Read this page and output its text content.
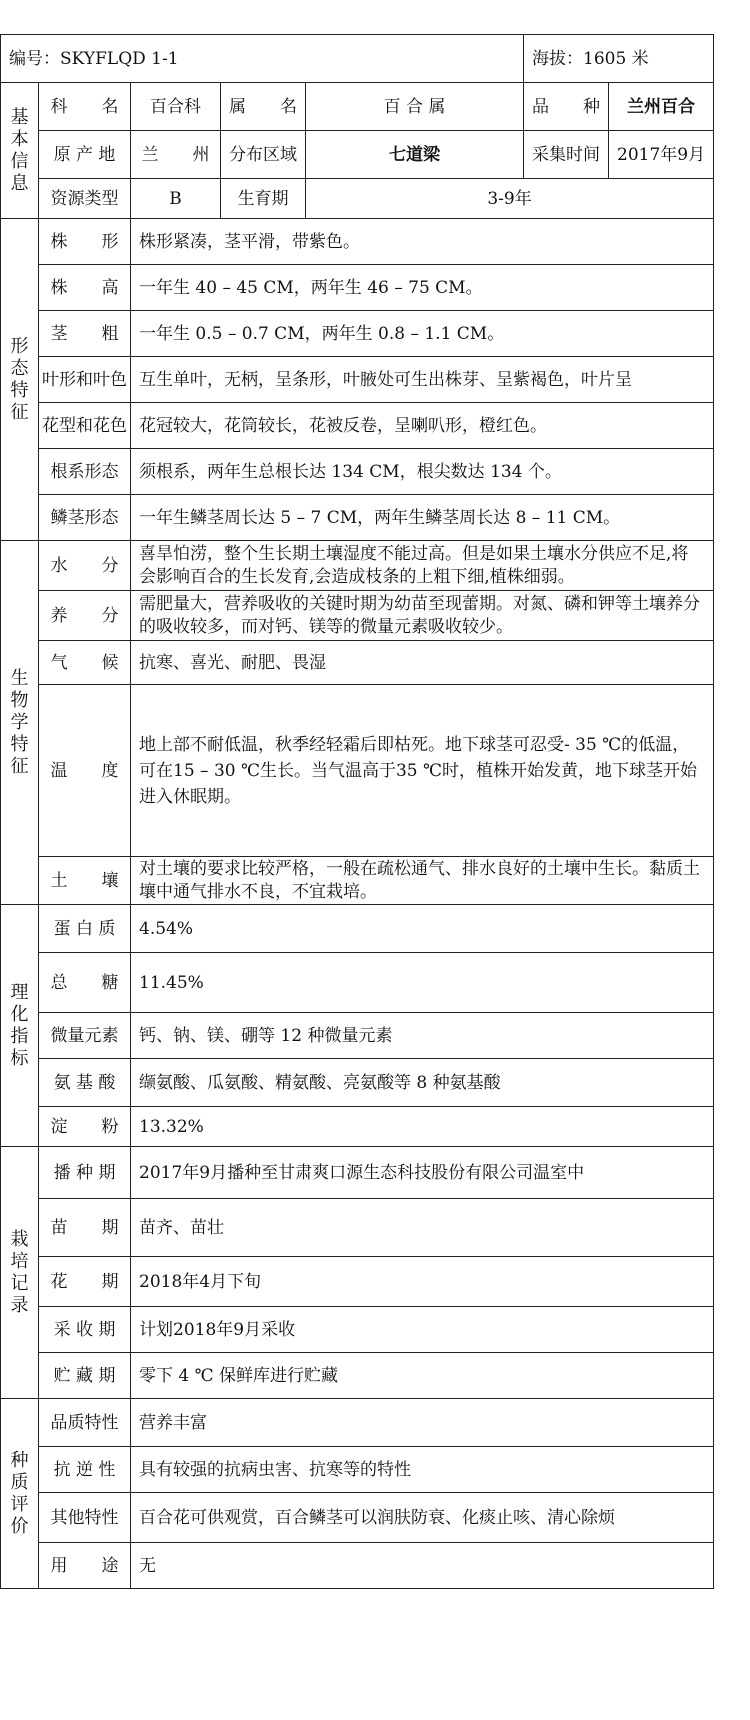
编号：SKYFLQD 1-1					海拔：1605 米	
基本信息	科　　名	百合科	属　　名	百 合 属	品　　种	兰州百合
	原 产 地	兰　　州	分布区域	七道梁	采集时间	2017年9月
	资源类型	B	生育期	3-9年		
形态特征	株　　形	株形紧凑，茎平滑，带紫色。				
	株　　高	一年生 40 – 45 CM，两年生 46 – 75 CM。				
	茎　　粗	一年生 0.5 – 0.7 CM，两年生 0.8 – 1.1 CM。				
	叶形和叶色	互生单叶，无柄，呈条形，叶腋处可生出株芽、呈紫褐色，叶片呈				
	花型和花色	花冠较大，花筒较长，花被反卷，呈喇叭形，橙红色。				
	根系形态	须根系，两年生总根长达 134 CM，根尖数达 134 个。				
	鳞茎形态	一年生鳞茎周长达 5 – 7 CM，两年生鳞茎周长达 8 – 11 CM。				
生物学特征	水　　分	喜旱怕涝，整个生长期土壤湿度不能过高。但是如果土壤水分供应不足,将会影响百合的生长发育,会造成枝条的上粗下细,植株细弱。				
	养　　分	需肥量大，营养吸收的关键时期为幼苗至现蕾期。对氮、磷和钾等土壤养分的吸收较多，而对钙、镁等的微量元素吸收较少。				
	气　　候	抗寒、喜光、耐肥、畏湿				
	温　　度	地上部不耐低温，秋季经轻霜后即枯死。地下球茎可忍受- 35 ℃的低温，可在15 – 30 ℃生长。当气温高于35 ℃时，植株开始发黄，地下球茎开始进入休眠期。				
	土　　壤	对土壤的要求比较严格，一般在疏松通气、排水良好的土壤中生长。黏质土壤中通气排水不良，不宜栽培。				
理化指标	蛋 白 质	4.54%				
	总　　糖	11.45%				
	微量元素	钙、钠、镁、硼等 12 种微量元素				
	氨 基 酸	缬氨酸、瓜氨酸、精氨酸、亮氨酸等 8 种氨基酸				
	淀　　粉	13.32%				
栽培记录	播 种 期	2017年9月播种至甘肃爽口源生态科技股份有限公司温室中				
	苗　　期	苗齐、苗壮				
	花　　期	2018年4月下旬				
	采 收 期	计划2018年9月采收				
	贮 藏 期	零下 4 ℃ 保鲜库进行贮藏				
种质评价	品质特性	营养丰富				
	抗 逆 性	具有较强的抗病虫害、抗寒等的特性				
	其他特性	百合花可供观赏，百合鳞茎可以润肤防衰、化痰止咳、清心除烦				
	用　　途	无				
